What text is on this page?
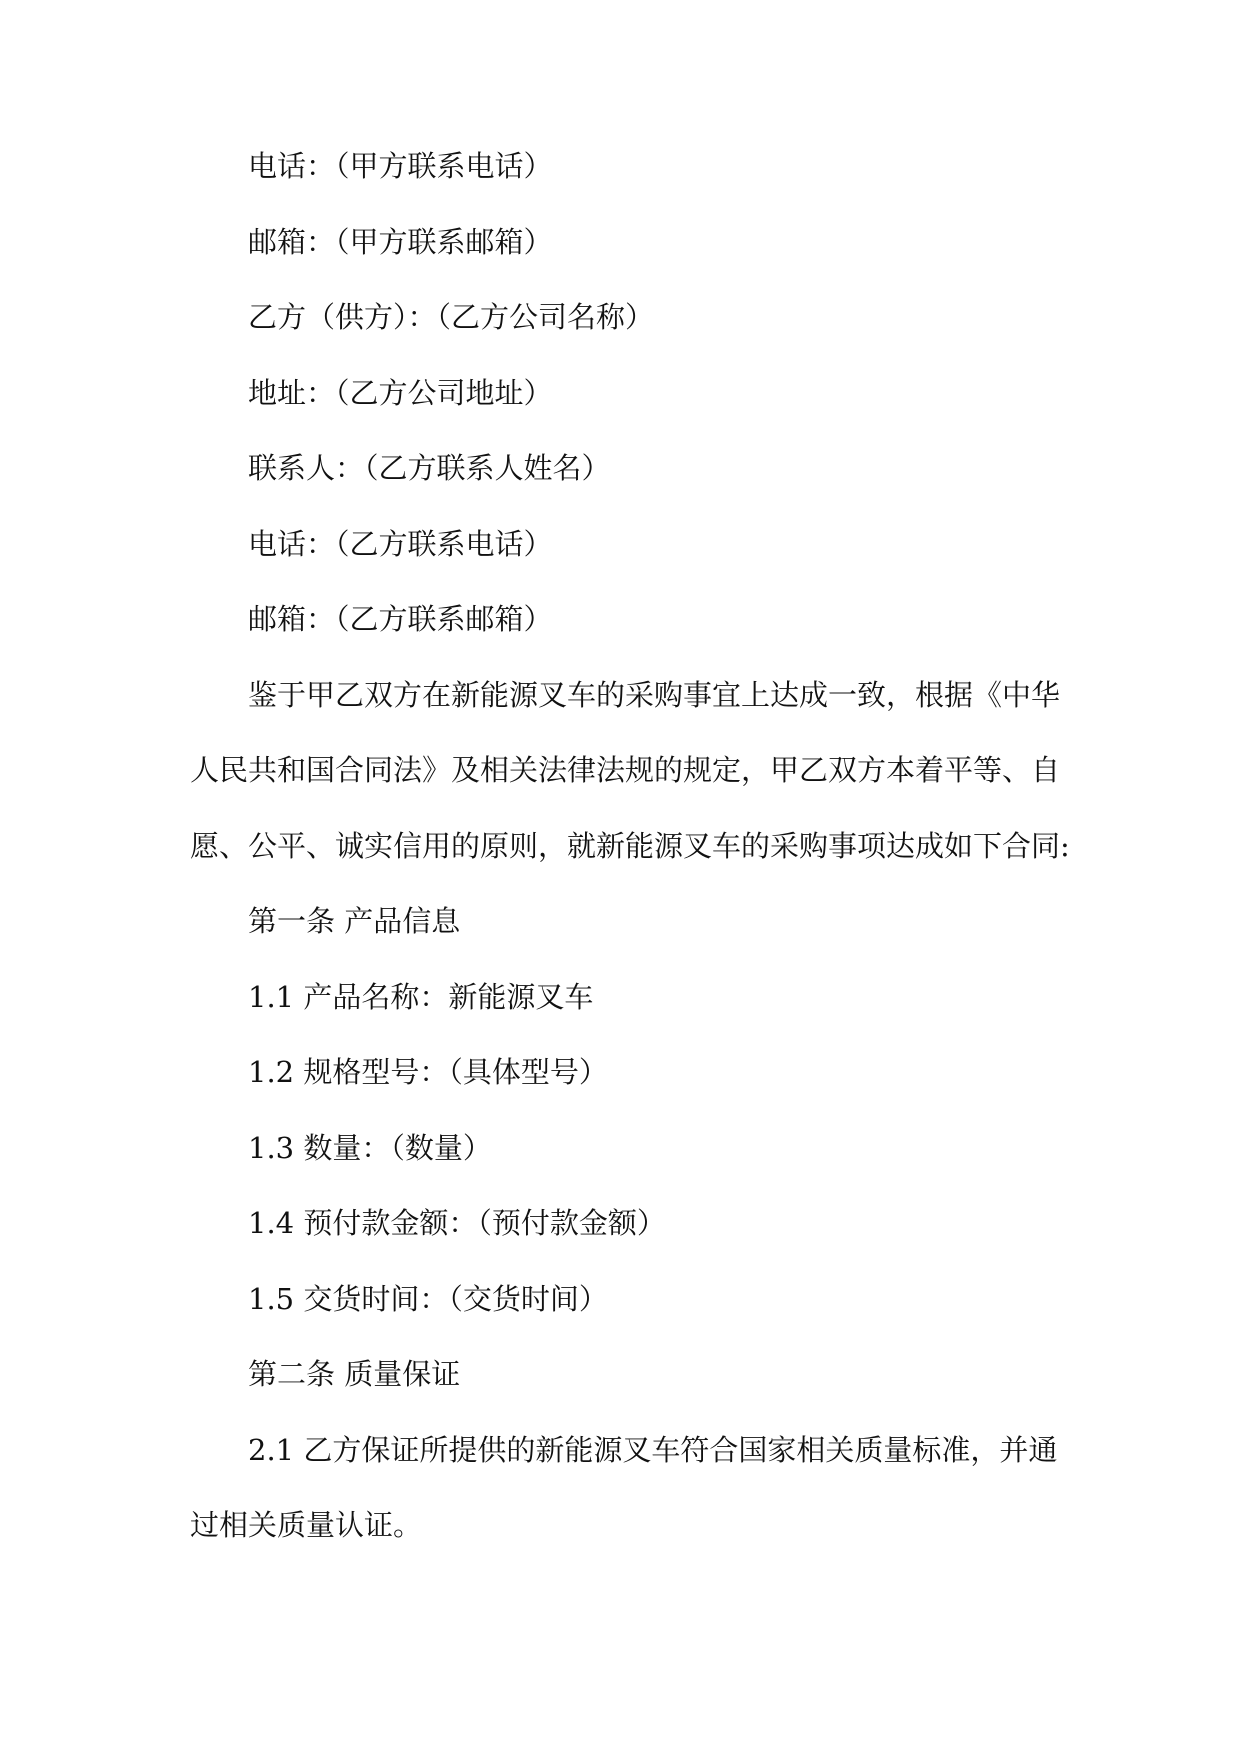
电话：（甲方联系电话）
邮箱：（甲方联系邮箱）
乙方（供方）：（乙方公司名称）
地址：（乙方公司地址）
联系人：（乙方联系人姓名）
电话：（乙方联系电话）
邮箱：（乙方联系邮箱）
鉴于甲乙双方在新能源叉车的采购事宜上达成一致，根据《中华
人民共和国合同法》及相关法律法规的规定，甲乙双方本着平等、自
愿、公平、诚实信用的原则，就新能源叉车的采购事项达成如下合同:
第一条 产品信息
1.1 产品名称：新能源叉车
1.2 规格型号：（具体型号）
1.3 数量：（数量）
1.4 预付款金额：（预付款金额）
1.5 交货时间：（交货时间）
第二条 质量保证
2.1 乙方保证所提供的新能源叉车符合国家相关质量标准，并通
过相关质量认证。
